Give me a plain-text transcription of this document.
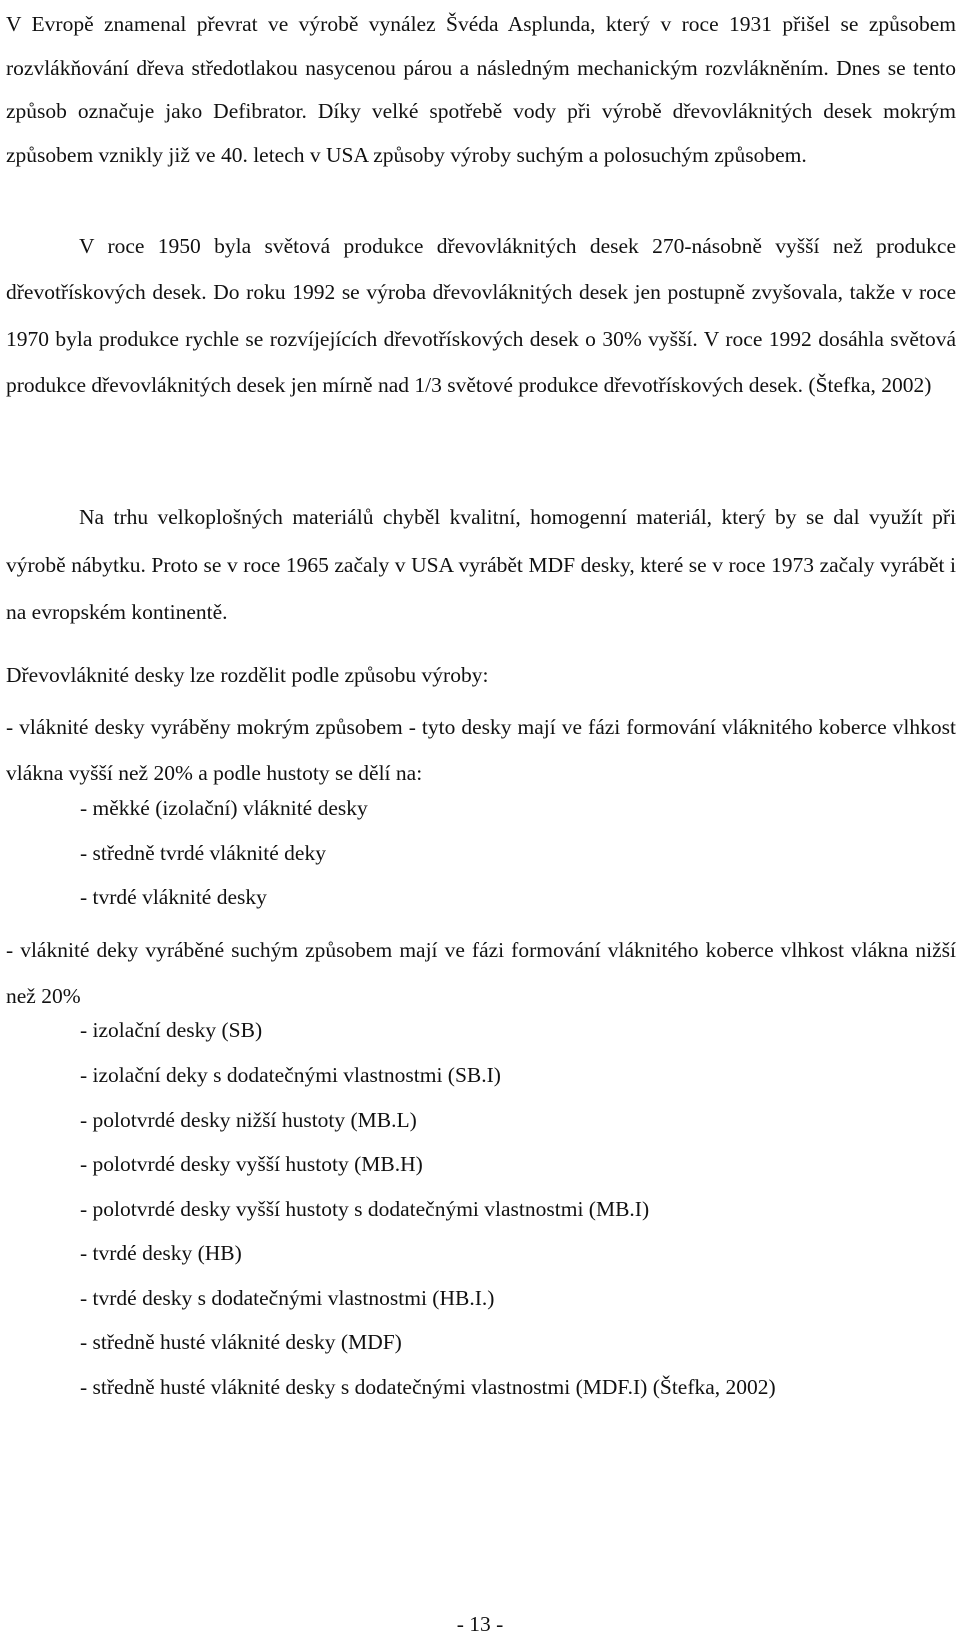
V Evropě znamenal převrat ve výrobě vynález Švéda Asplunda, který v roce 1931 přišel se způsobem rozvlákňování dřeva středotlakou nasycenou párou a následným mechanickým rozvlákněním. Dnes se tento způsob označuje jako Defibrator. Díky velké spotřebě vody při výrobě dřevovláknitých desek mokrým způsobem vznikly již ve 40. letech v USA způsoby výroby suchým a polosuchým způsobem.

V roce 1950 byla světová produkce dřevovláknitých desek 270-násobně vyšší než produkce dřevotřískových desek. Do roku 1992 se výroba dřevovláknitých desek jen postupně zvyšovala, takže v roce 1970 byla produkce rychle se rozvíjejících dřevotřískových desek o 30% vyšší. V roce 1992 dosáhla světová produkce dřevovláknitých desek jen mírně nad 1/3 světové produkce dřevotřískových desek. (Štefka, 2002)

Na trhu velkoplošných materiálů chyběl kvalitní, homogenní materiál, který by se dal využít při výrobě nábytku. Proto se v roce 1965 začaly v USA vyrábět MDF desky, které se v roce 1973 začaly vyrábět i na evropském kontinentě.

Dřevovláknité desky lze rozdělit podle způsobu výroby:

- vláknité desky vyráběny mokrým způsobem - tyto desky mají ve fázi formování vláknitého koberce vlhkost vlákna vyšší než 20% a podle hustoty se dělí na:

- měkké (izolační) vláknité desky

- středně tvrdé vláknité deky

- tvrdé vláknité desky

- vláknité deky vyráběné suchým způsobem mají ve fázi formování vláknitého koberce vlhkost vlákna nižší než 20%

- izolační desky (SB)

- izolační deky s dodatečnými vlastnostmi (SB.I)

- polotvrdé desky nižší hustoty (MB.L)

- polotvrdé desky vyšší hustoty (MB.H)

- polotvrdé desky vyšší hustoty s dodatečnými vlastnostmi (MB.I)

- tvrdé desky (HB)

- tvrdé desky s dodatečnými vlastnostmi (HB.I.)

- středně husté vláknité desky (MDF)

- středně husté vláknité desky s dodatečnými vlastnostmi (MDF.I) (Štefka, 2002)

- 13 -
